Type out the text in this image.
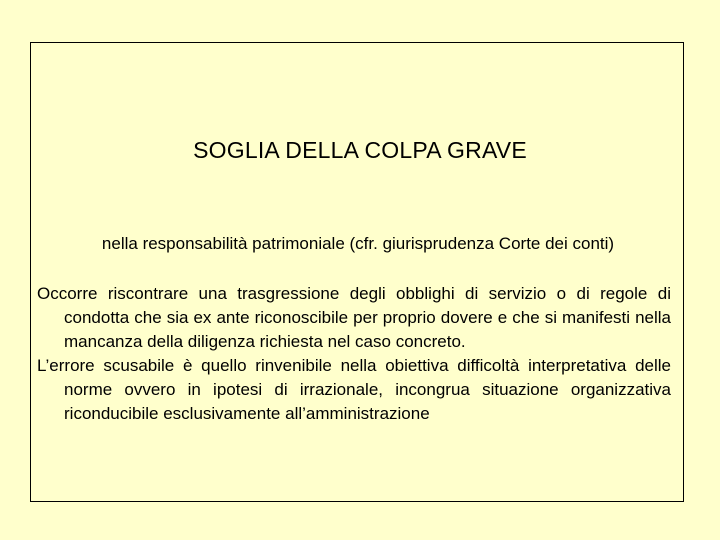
SOGLIA DELLA COLPA GRAVE

nella responsabilità patrimoniale (cfr. giurisprudenza Corte dei conti)

Occorre riscontrare una trasgressione degli obblighi di servizio o di regole di condotta che sia ex ante riconoscibile per proprio dovere e che si manifesti nella mancanza della diligenza richiesta nel caso concreto.

L’errore scusabile è quello rinvenibile nella obiettiva difficoltà interpretativa delle norme ovvero in ipotesi di irrazionale, incongrua situazione organizzativa riconducibile esclusivamente all’amministrazione
